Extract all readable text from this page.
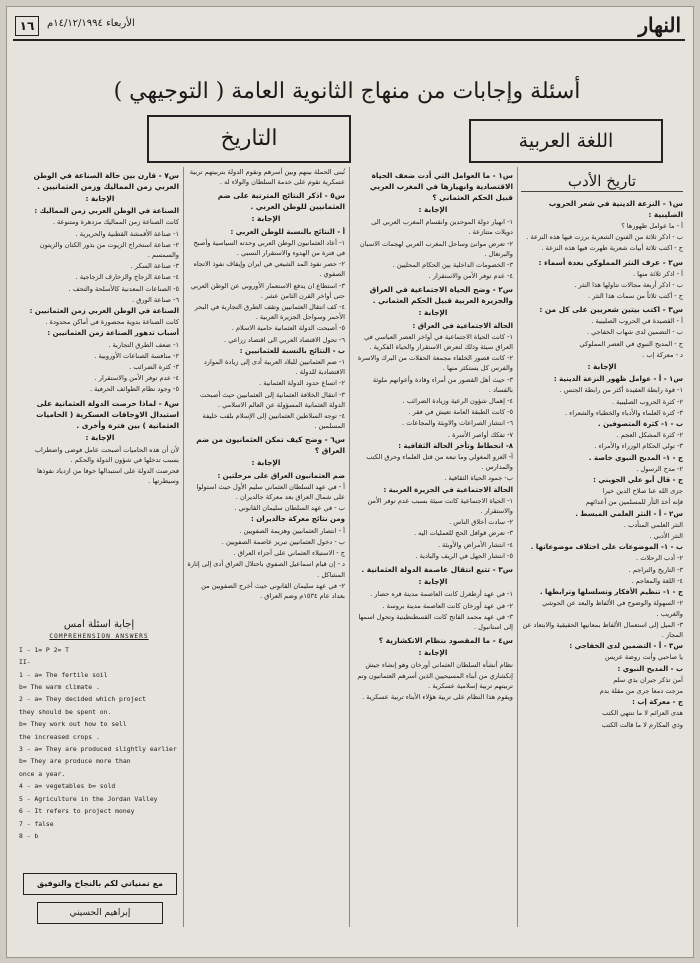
١٦	الأربعاء ١٤/١٢/١٩٩٤م	النهار
أسئلة وإجابات من منهاج الثانوية العامة ( التوجيهي )
التاريخ	اللغة العربية
تاريخ الأدب

س١ - النزعة الدينية في شعر الحروب الصليبية :

أ - ما عوامل ظهورها ؟

ب - اذكر ثلاثة من الفنون الشعرية برزت فيها هذه النزعة .

ج - اكتب ثلاثة أبيات شعرية ظهرت فيها هذه النزعة .

س٢ - عرف النثر المملوكي بعدة أسماء :

أ - اذكر ثلاثة منها .

ب - اذكر أربعة مجالات تناولها هذا النثر .

ج - أكتب ثلاثاً من سمات هذا النثر .

س٣ - اكتب بيتين شعريين على كل من :

أ - القصيدة في الحروب الصليبية .

ب - التضمين لدى شهاب الخفاجي .

ج - المديح النبوي في العصر المملوكي

د - معركة إب .

الإجابة :

س١ - أ - عوامل ظهور النزعة الدينية :

١- قوة رابطة العقيدة أكثر من رابطة الجنس .

٢- كثرة الحروب الصليبية .

٣- كثرة العلماء والأدباء والخطباء والشعراء .

ب - ١- كثرة المتصوفين .

٢- كثرة المشكل العجم .

٣- تولي الحكام الوزراء والأمراء .

ج - ١- المديح النبوي خاصة .

٢- مدح الرسول .

ج - قال أبو علي الجويني :

جزى الله عنا صلاح الدين خيرا

فإنه أخذ الثأر للمسلمين من أعدائهم

س٢ - أ - النثر العلمي المبسط .

النثر العلمي المتأدب .

النثر الأدبي .

ب - ١- الموضوعات على اختلاف موضوعاتها .

٢- أدب الرحلات .

٣- التاريخ والتراجم .

٤- اللغة والمعاجم .

ج - ١- تنظيم الأفكار وتسلسلها وترابطها .

٢- السهولة والوضوح في الألفاظ والبعد عن الحوشي والغريب .

٣- الميل إلى استعمال الألفاظ بمعانيها الحقيقية والابتعاد عن المجاز .

س٣ - أ - التضمين لدى الخفاجي :

يا صاحبي وأنت روضة عريس

ب - المديح النبوي :

أمن تذكر جيران بذي سلم

مزجت دمعا جرى من مقلة بدم

ج - معركة إب :

هدى العزائم لا ما تنتهي الكتب

وذي المكارم لا ما قالت الكتب

س١ - ما العوامل التي أدت ضعف الحياة الاقتصادية وانهيارها في المغرب العربي قبيل الحكم العثماني ؟

الإجابة :

١- انهيار دولة الموحدين وانقسام المغرب العربي الى دويلات متنازعة .

٢- تعرض موانئ وساحل المغرب العربي لهجمات الاسبان والبرتغال .

٣- الخصومات الداخلية بين الحكام المحليين .

٤- عدم توفر الأمن والاستقرار .

س٢ - وضح الحياة الاجتماعية في العراق والجزيرة العربية قبيل الحكم العثماني .

الإجابة :

الحالة الاجتماعية في العراق :

١- كانت الحياة الاجتماعية في أواخر العصر العباسي في العراق سيئة وذلك لتعرض الاستقرار والحياة الفكرية .

٢- كانت قصور الخلفاء مجمعة الحفلات من البرك والاسرة والفرس كل يستكثر منها .

٣- حيث أهل القصور من أمراء وقادة وأعوانهم ملوثة بالفساد .

٤- إهمال شؤون الرعية وزيادة الضرائب .

٥- كانت الطبقة العامة تعيش في فقر .

٦- انتشار الصراعات والاوبئة والمجاعات .

٧- تفكك أواصر الأسرة .

٨- انحطاط وتأخر الحالة الثقافية :

أ- الغزو المغولي وما تبعه من قتل العلماء وحرق الكتب والمدارس .

ب- جمود الحياة الثقافية .

الحالة الاجتماعية في الجزيرة العربية :

١- الحياة الاجتماعية كانت سيئة بسبب عدم توفر الأمن والاستقرار .

٢- سادت أخلاق الناس .

٣- تعرض قوافل الحج للعمليات اليه .

٤- انتشار الأمراض والأوبئة .

٥- انتشار الجهل في الريف والبادية .

س٣ - تتبع انتقال عاصمة الدولة العثمانية .

الإجابة :

١- في عهد أرطغرل كانت العاصمة مدينة قره حصار .

٢- في عهد أورخان كانت العاصمة مدينة بروسة .

٣- في عهد محمد الفاتح كانت القسطنطينية وتحول اسمها إلى استانبول .

س٤ - ما المقصود بنظام الانكشارية ؟

الإجابة :

نظام أنشأه السلطان العثماني أورخان وهو إنشاء جيش إنكشاري من أبناء المسيحيين الذين أسرهم العثمانيون وتم تربيتهم تربية إسلامية عسكرية .

ويقوم هذا النظام على تربية هؤلاء الأبناء تربية عسكرية .

تُبنى الحملة بينهم وبين أسرهم ونقوم الدولة بتربيتهم تربية عسكرية تقوم على خدمة السلطان والولاء له .

س٥ - اذكر النتائج المترتبة على ضم العثمانيين للوطن العربي .

الإجابة :

أ - النتائج بالنسبة للوطن العربي :

١- أعاد العثمانيون الوطن العربي وحدته السياسية وأصبح في فترة من الهدوء والاستقرار النسبي .

٢- حصر نفوذ المد الشيعي في ايران وإيقاف نفوذ الاتجاه الصفوي .

٣- استطاع ان يدفع الاستعمار الأوروبي عن الوطن العربي حتى أواخر القرن الثامن عشر .

٤- كف انتقال العثمانيين وتقف الطرق التجارية في البحر الأحمر وسواحل الجزيرة العربية .

٥- أصبحت الدولة العثمانية حامية الاسلام .

٦- تحول الاقتصاد العربي الى اقتصاد زراعي .

ب - النتائج بالنسبة للعثمانيين :

١- ضم العثمانيين للبلاد العربية أدى إلى زيادة الموارد الاقتصادية للدولة .

٢- اتساع حدود الدولة العثمانية .

٣- انتقال الخلافة العثمانية إلى العثمانيين حيث أصبحت الدولة العثمانية المسؤولة عن العالم الاسلامي .

٤- توجه السلاطين العثمانيين إلى الإسلام بلقب خليفة المسلمين .

س٦ - وضح كيف تمكن العثمانيون من ضم العراق ؟

الإجابة :

ضم العثمانيون العراق على مرحلتين :

أ - في عهد السلطان العثماني سليم الأول حيث استولوا على شمال العراق بعد معركة جالديران .

ب - في عهد السلطان سليمان القانوني .

ومن نتائج معركة جالديران :

أ - انتصار العثمانيين وهزيمة الصفويين .

ب - دخول العثمانيين تبريز عاصمة الصفويين .

ج - الاستيلاء العثماني على أجزاء العراق .

د - إن قيام اسماعيل الصفوي باحتلال العراق أدى إلى إثارة المشاكل .

٢- في عهد سليمان القانوني حيث أخرج الصفويين من بغداد عام ١٥٣٤م وضم العراق .

س٧ - قارن بين حالة الصناعة في الوطن العربي زمن المماليك وزمن العثمانيين .

الإجابة :

الصناعة في الوطن العربي زمن المماليك :

كانت الصناعة زمن المماليك مزدهرة ومتنوعة .

١- صناعة الأقمشة القطنية والحريرية .

٢- صناعة استخراج الزيوت من بذور الكتان والزيتون والسمسم .

٣- صناعة السكر .

٤- صناعة الزجاج والزخارف الزجاجية .

٥- الصناعات المعدنية كالأسلحة والتحف .

٦- صناعة الورق .

الصناعة في الوطن العربي زمن العثمانيين :

كانت الصناعة بدوية محصورة في أماكن محدودة .

أسباب تدهور الصناعة زمن العثمانيين :

١- ضعف الطرق التجارية .

٢- منافسة الصناعات الأوروبية .

٣- كثرة الضرائب .

٤- عدم توفر الأمن والاستقرار .

٥- وجود نظام الطوائف الحرفية .

س٨ - لماذا حرصت الدولة العثمانية على استبدال الاوجاقات العسكرية ( الحاميات العثمانية ) بين فترة وأخرى .

الإجابة :

لأن أن هذه الحاميات أصبحت عامل فوضى واضطراب بسبب تدخلها في شؤون الدولة والحكم .

فحرصت الدولة على استبدالها خوفا من ازدياد نفوذها وسيطرتها .

إجابة أسئلة أمس

COMPREHENSION ANSWERS

I - 1= P 2= T

II-

1 - a= The fertile soil

b= The warm climate .

2 - a= They decided which project

they should be spent on.

b= They work out how to sell

the increased crops .

3 - a= They are produced slightly earlier

b= They are produce more than

once a year.

4 - a= vegetables b= sold

5 - Agriculture in the Jordan Valley

6 - It refers to project money

7 - false

8 - b

مع تمنياتي لكم بالنجاح والتوفيق
إبراهيم الحسيني
